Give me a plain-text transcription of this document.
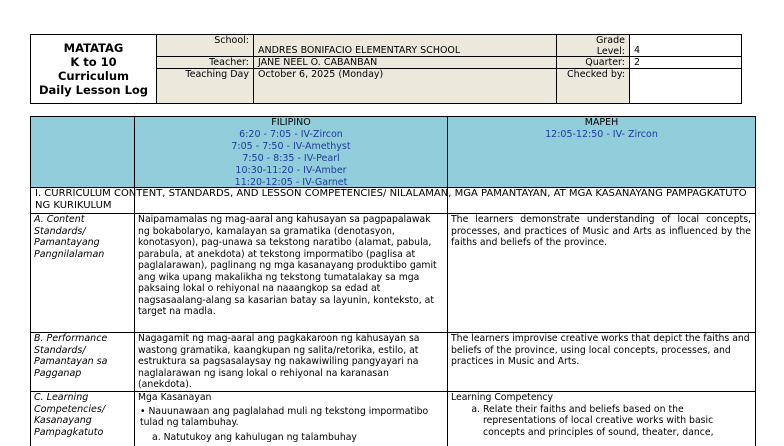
MATATAG
K to 10
Curriculum
Daily Lesson Log
School:
Teacher:
Teaching Day
ANDRES BONIFACIO ELEMENTARY SCHOOL
JANE NEEL O. CABANBAN
October 6, 2025 (Monday)
Grade
Level:
Quarter:
Checked by:
4
2
FILIPINO
6:20 - 7:05 - IV-Zircon
7:05 - 7:50 - IV-Amethyst
7:50 - 8:35 - IV-Pearl
10:30-11:20 - IV-Amber
11:20-12:05 - IV-Garnet
MAPEH
12:05-12:50 - IV- Zircon
I. CURRICULUM CONTENT, STANDARDS, AND LESSON COMPETENCIES/ NILALAMAN, MGA PAMANTAYAN, AT MGA KASANAYANG PAMPAGKATUTO NG KURIKULUM
A. Content Standards/ Pamantayang Pangnilalaman
Naipamamalas ng mag-aaral ang kahusayan sa pagpapalawak ng bokabolaryo, kamalayan sa gramatika (denotasyon, konotasyon), pag-unawa sa tekstong naratibo (alamat, pabula, parabula, at anekdota) at tekstong impormatibo (paglisa at paglalarawan), paglinang ng mga kasanayang produktibo gamit ang wika upang makalikha ng tekstong tumatalakay sa mga paksaing lokal o rehiyonal na naaangkop sa edad at nagsasaalang-alang sa kasarian batay sa layunin, konteksto, at target na madla.
The learners demonstrate understanding of local concepts, processes, and practices of Music and Arts as influenced by the faiths and beliefs of the province.
B. Performance Standards/ Pamantayan sa Pagganap
Nagagamit ng mag-aaral ang pagkakaroon ng kahusayan sa wastong gramatika, kaangkupan ng salita/retorika, estilo, at estruktura sa pagsasalaysay ng nakawiwiling pangyayari na naglalarawan ng isang lokal o rehiyonal na karanasan (anekdota).
The learners improvise creative works that depict the faiths and beliefs of the province, using local concepts, processes, and practices in Music and Arts.
C. Learning Competencies/ Kasanayang Pampagkatuto
Mga Kasanayan
• Nauunawaan ang paglalahad muli ng tekstong impormatibo tulad ng talambuhay.
a. Natutukoy ang kahulugan ng talambuhay
Learning Competency
a. Relate their faiths and beliefs based on the representations of local creative works with basic concepts and principles of sound, theater, dance,
